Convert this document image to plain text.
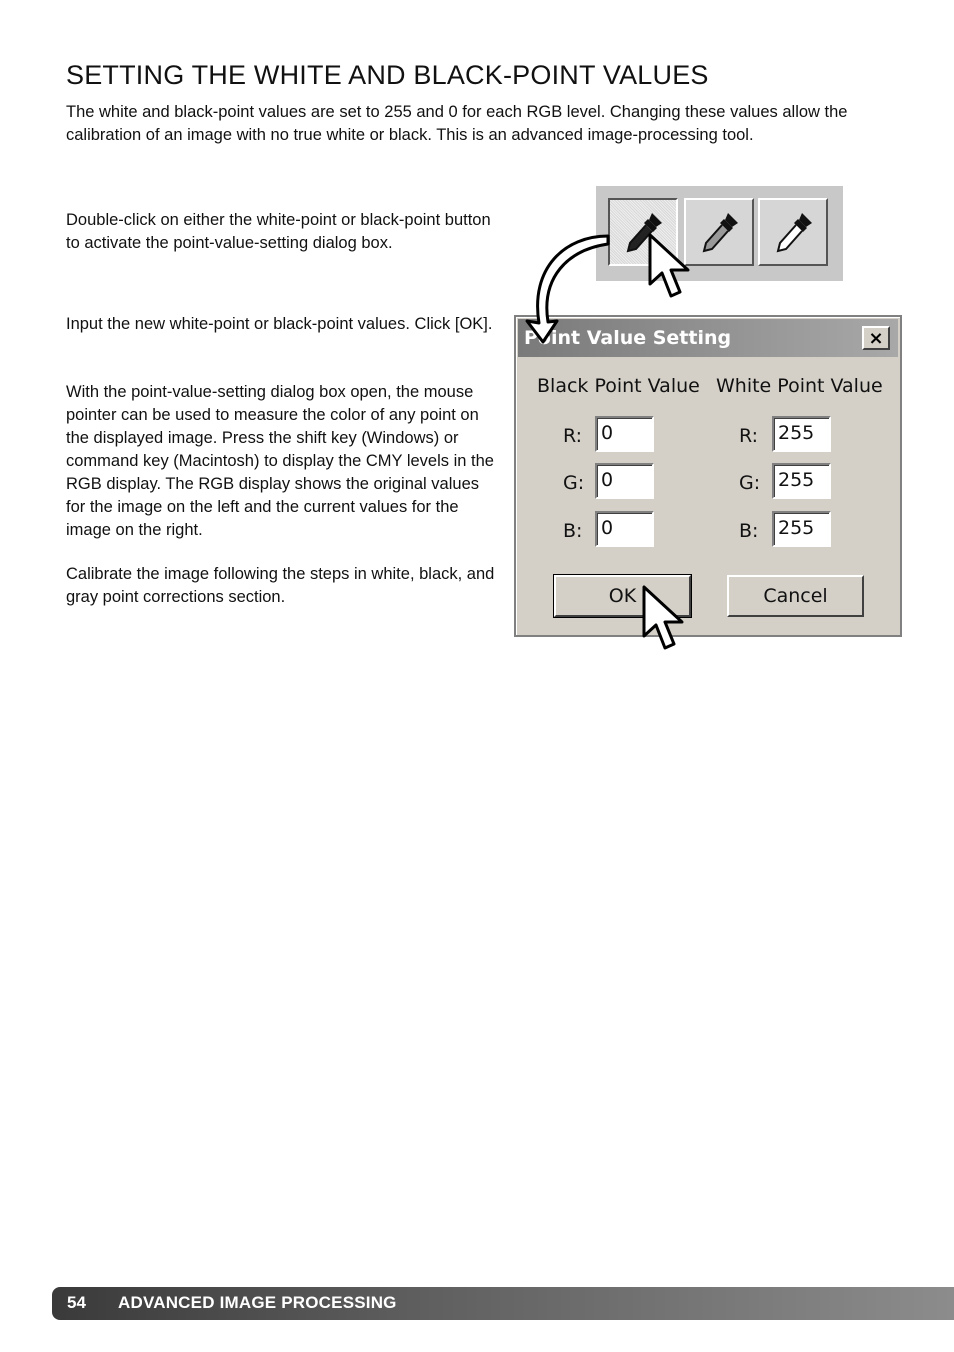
SETTING THE WHITE AND BLACK-POINT VALUES

The white and black-point values are set to 255 and 0 for each RGB level. Changing these values allow the calibration of an image with no true white or black. This is an advanced image-processing tool.

Double-click on either the white-point or black-point button to activate the point-value-setting dialog box.

Input the new white-point or black-point values. Click [OK].

With the point-value-setting dialog box open, the mouse pointer can be used to measure the color of any point on the displayed image. Press the shift key (Windows) or command key (Macintosh) to display the CMY levels in the RGB display. The RGB display shows the original values for the image on the left and the current values for the image on the right.

Calibrate the image following the steps in white, black, and gray point corrections section.

Point Value Setting	×
Black Point Value White Point Value
R:
G:
B:
0
0
0
R:
G:
B:
255
255
255
OK	Cancel
54 ADVANCED IMAGE PROCESSING
